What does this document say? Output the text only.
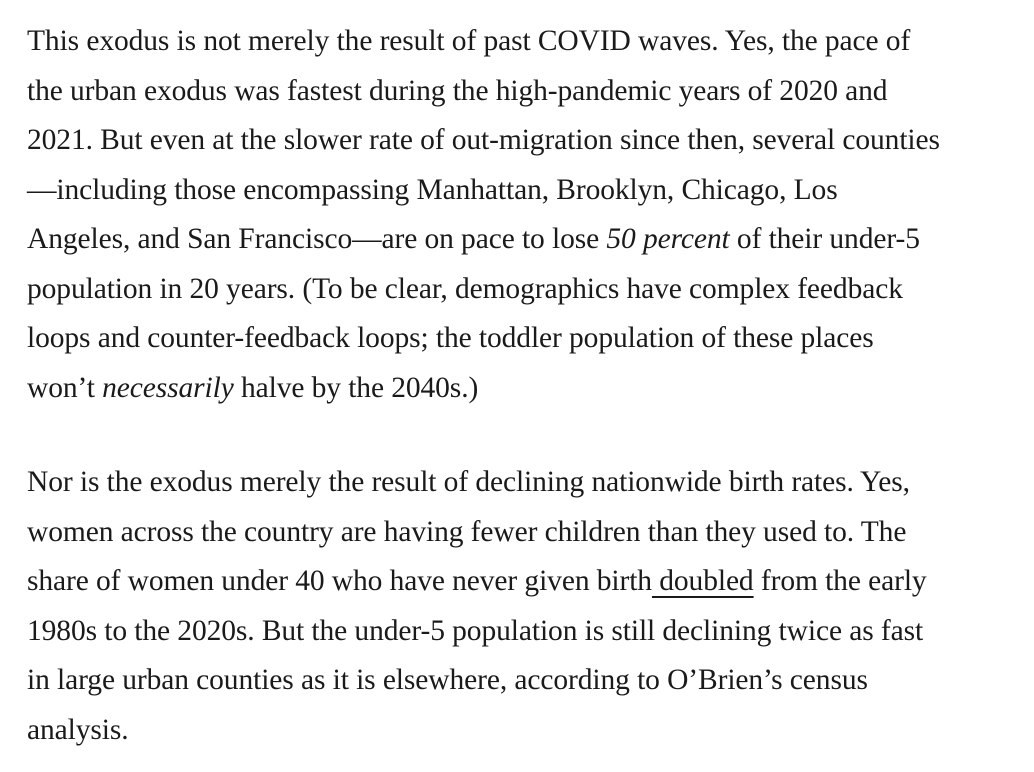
This exodus is not merely the result of past COVID waves. Yes, the pace of
the urban exodus was fastest during the high-pandemic years of 2020 and
2021. But even at the slower rate of out-migration since then, several counties
—including those encompassing Manhattan, Brooklyn, Chicago, Los
Angeles, and San Francisco—are on pace to lose 50 percent of their under-5
population in 20 years. (To be clear, demographics have complex feedback
loops and counter-feedback loops; the toddler population of these places
won’t necessarily halve by the 2040s.)

Nor is the exodus merely the result of declining nationwide birth rates. Yes,
women across the country are having fewer children than they used to. The
share of women under 40 who have never given birth doubled from the early
1980s to the 2020s. But the under-5 population is still declining twice as fast
in large urban counties as it is elsewhere, according to O’Brien’s census
analysis.
